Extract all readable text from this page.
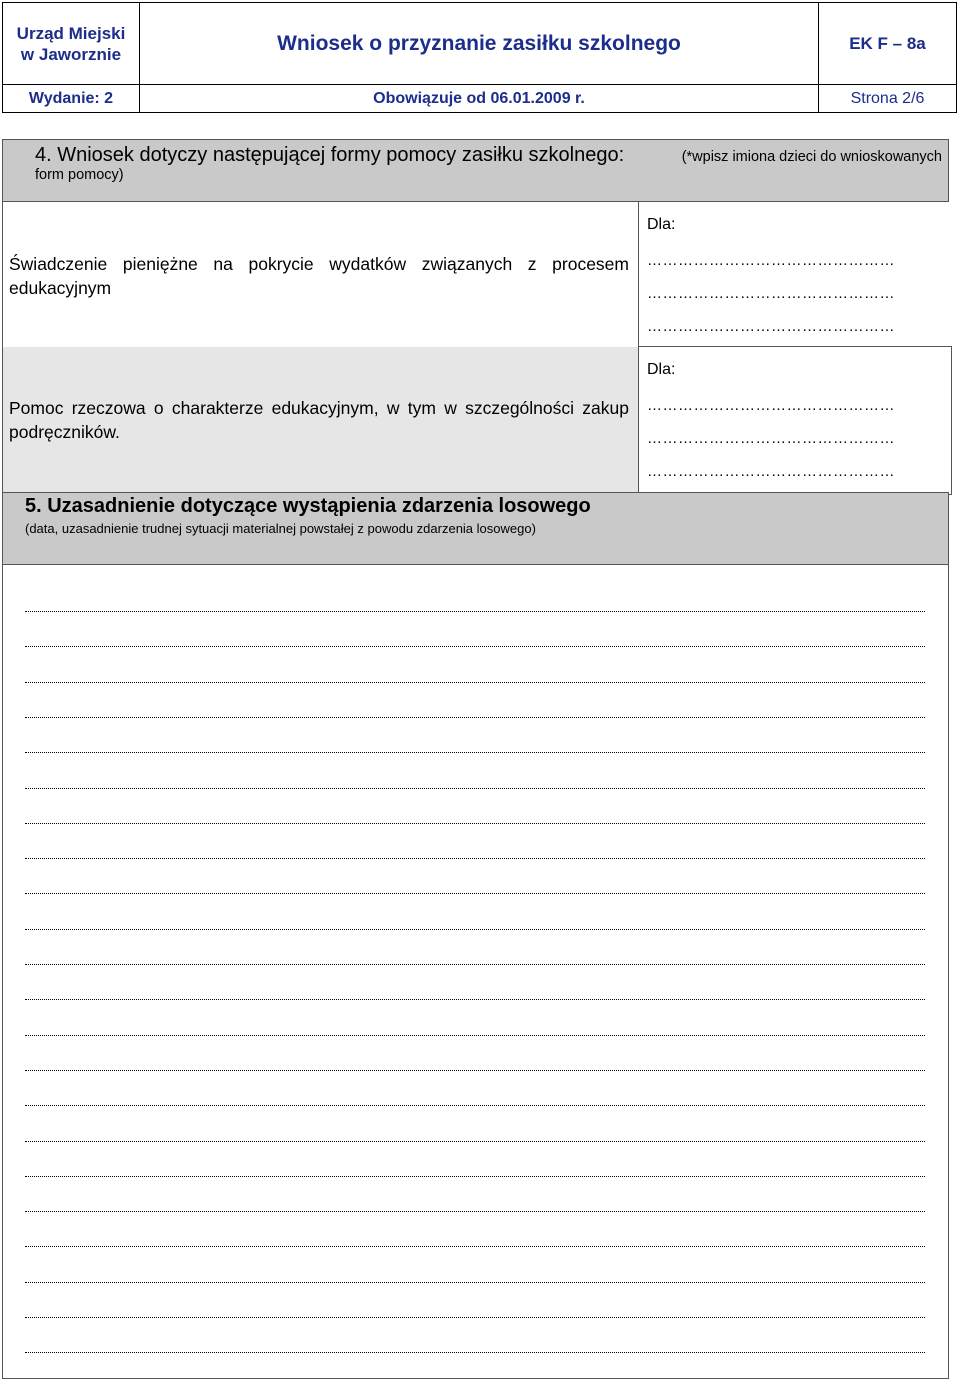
Urząd Miejski
w Jaworznie	Wniosek o przyznanie zasiłku szkolnego	EK F – 8a
Wydanie: 2	Obowiązuje od 06.01.2009 r.	Strona 2/6
4. Wniosek dotyczy następującej formy pomocy zasiłku szkolnego:	(*wpisz imiona dzieci do wnioskowanych
form pomocy)
Świadczenie pieniężne na pokrycie wydatków związanych z procesem edukacyjnym
Dla:
…………………………………………
…………………………………………
…………………………………………
Pomoc rzeczowa o charakterze edukacyjnym, w tym w szczególności zakup podręczników.
Dla:
…………………………………………
…………………………………………
…………………………………………
5. Uzasadnienie dotyczące wystąpienia zdarzenia losowego
(data, uzasadnienie trudnej sytuacji materialnej powstałej z powodu zdarzenia losowego)
